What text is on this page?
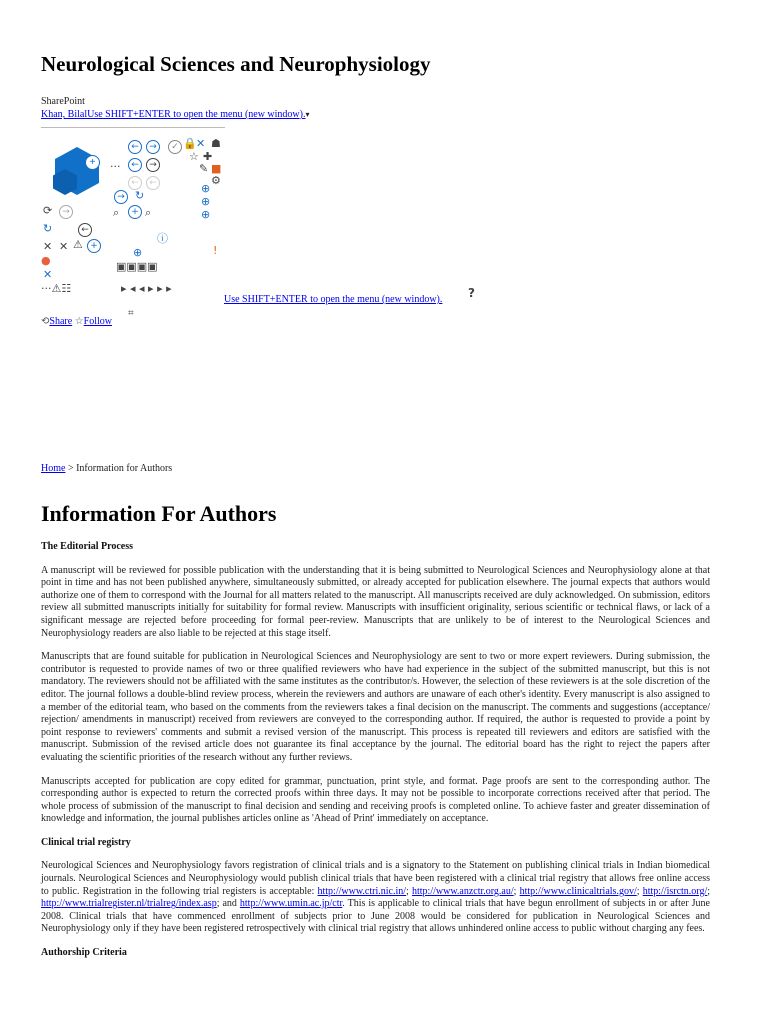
Neurological Sciences and Neurophysiology
SharePoint
Khan, BilalUse SHIFT+ENTER to open the menu (new window).▾
+
←	→
←	→
✓ 🔒 ✕ ☗
☆ ✚
■
✎
⚙
···
←	←
→ ↻
+
⌕ ⌕
⊕
⊕
⊕
⟳	→
↻	←
✕ ✕ ⚠ +
●
✕
···⚠☷
ⓘ
⊕
▣▣▣▣
▸ ◂ ◂ ▸ ▸ ▸
!
Use SHIFT+ENTER to open the menu (new window). ?
⟲Share ☆Follow
⌗
Home > Information for Authors
Information For Authors
The Editorial Process

A manuscript will be reviewed for possible publication with the understanding that it is being submitted to Neurological Sciences and Neurophysiology alone at that point in time and has not been published anywhere, simultaneously submitted, or already accepted for publication elsewhere. The journal expects that authors would authorize one of them to correspond with the Journal for all matters related to the manuscript. All manuscripts received are duly acknowledged. On submission, editors review all submitted manuscripts initially for suitability for formal review. Manuscripts with insufficient originality, serious scientific or technical flaws, or lack of a significant message are rejected before proceeding for formal peer-review. Manuscripts that are unlikely to be of interest to the Neurological Sciences and Neurophysiology readers are also liable to be rejected at this stage itself.

Manuscripts that are found suitable for publication in Neurological Sciences and Neurophysiology are sent to two or more expert reviewers. During submission, the contributor is requested to provide names of two or three qualified reviewers who have had experience in the subject of the submitted manuscript, but this is not mandatory. The reviewers should not be affiliated with the same institutes as the contributor/s. However, the selection of these reviewers is at the sole discretion of the editor. The journal follows a double-blind review process, wherein the reviewers and authors are unaware of each other's identity. Every manuscript is also assigned to a member of the editorial team, who based on the comments from the reviewers takes a final decision on the manuscript. The comments and suggestions (acceptance/ rejection/ amendments in manuscript) received from reviewers are conveyed to the corresponding author. If required, the author is requested to provide a point by point response to reviewers' comments and submit a revised version of the manuscript. This process is repeated till reviewers and editors are satisfied with the manuscript. Submission of the revised article does not guarantee its final acceptance by the journal. The editorial board has the right to reject the papers after evaluating the scientific priorities of the research without any further reviews.

Manuscripts accepted for publication are copy edited for grammar, punctuation, print style, and format. Page proofs are sent to the corresponding author. The corresponding author is expected to return the corrected proofs within three days. It may not be possible to incorporate corrections received after that period. The whole process of submission of the manuscript to final decision and sending and receiving proofs is completed online. To achieve faster and greater dissemination of knowledge and information, the journal publishes articles online as 'Ahead of Print' immediately on acceptance.

Clinical trial registry

Neurological Sciences and Neurophysiology favors registration of clinical trials and is a signatory to the Statement on publishing clinical trials in Indian biomedical journals. Neurological Sciences and Neurophysiology would publish clinical trials that have been registered with a clinical trial registry that allows free online access to public. Registration in the following trial registers is acceptable: http://www.ctri.nic.in/; http://www.anzctr.org.au/; http://www.clinicaltrials.gov/; http://isrctn.org/; http://www.trialregister.nl/trialreg/index.asp; and http://www.umin.ac.jp/ctr. This is applicable to clinical trials that have begun enrollment of subjects in or after June 2008. Clinical trials that have commenced enrollment of subjects prior to June 2008 would be considered for publication in Neurological Sciences and Neurophysiology only if they have been registered retrospectively with clinical trial registry that allows unhindered online access to public without charging any fees.

Authorship Criteria
